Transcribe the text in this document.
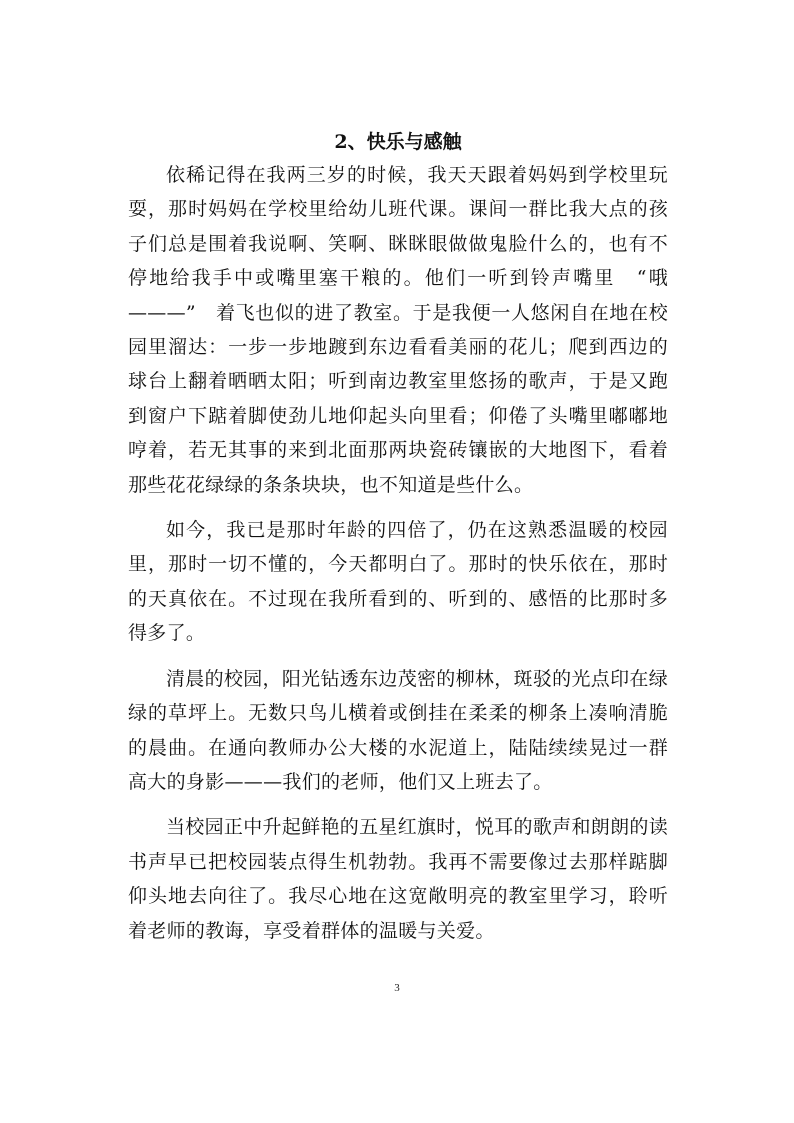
2、快乐与感触

依稀记得在我两三岁的时候，我天天跟着妈妈到学校里玩耍，那时妈妈在学校里给幼儿班代课。课间一群比我大点的孩子们总是围着我说啊、笑啊、眯眯眼做做鬼脸什么的，也有不停地给我手中或嘴里塞干粮的。他们一听到铃声嘴里　“哦———”　着飞也似的进了教室。于是我便一人悠闲自在地在校园里溜达：一步一步地踱到东边看看美丽的花儿；爬到西边的球台上翻着晒晒太阳；听到南边教室里悠扬的歌声，于是又跑到窗户下踮着脚使劲儿地仰起头向里看；仰倦了头嘴里嘟嘟地哼着，若无其事的来到北面那两块瓷砖镶嵌的大地图下，看着那些花花绿绿的条条块块，也不知道是些什么。

如今，我已是那时年龄的四倍了，仍在这熟悉温暖的校园里，那时一切不懂的，今天都明白了。那时的快乐依在，那时的天真依在。不过现在我所看到的、听到的、感悟的比那时多得多了。

清晨的校园，阳光钻透东边茂密的柳林，斑驳的光点印在绿绿的草坪上。无数只鸟儿横着或倒挂在柔柔的柳条上凑响清脆的晨曲。在通向教师办公大楼的水泥道上，陆陆续续晃过一群高大的身影———我们的老师，他们又上班去了。

当校园正中升起鲜艳的五星红旗时，悦耳的歌声和朗朗的读书声早已把校园装点得生机勃勃。我再不需要像过去那样踮脚仰头地去向往了。我尽心地在这宽敞明亮的教室里学习，聆听着老师的教诲，享受着群体的温暖与关爱。

3
